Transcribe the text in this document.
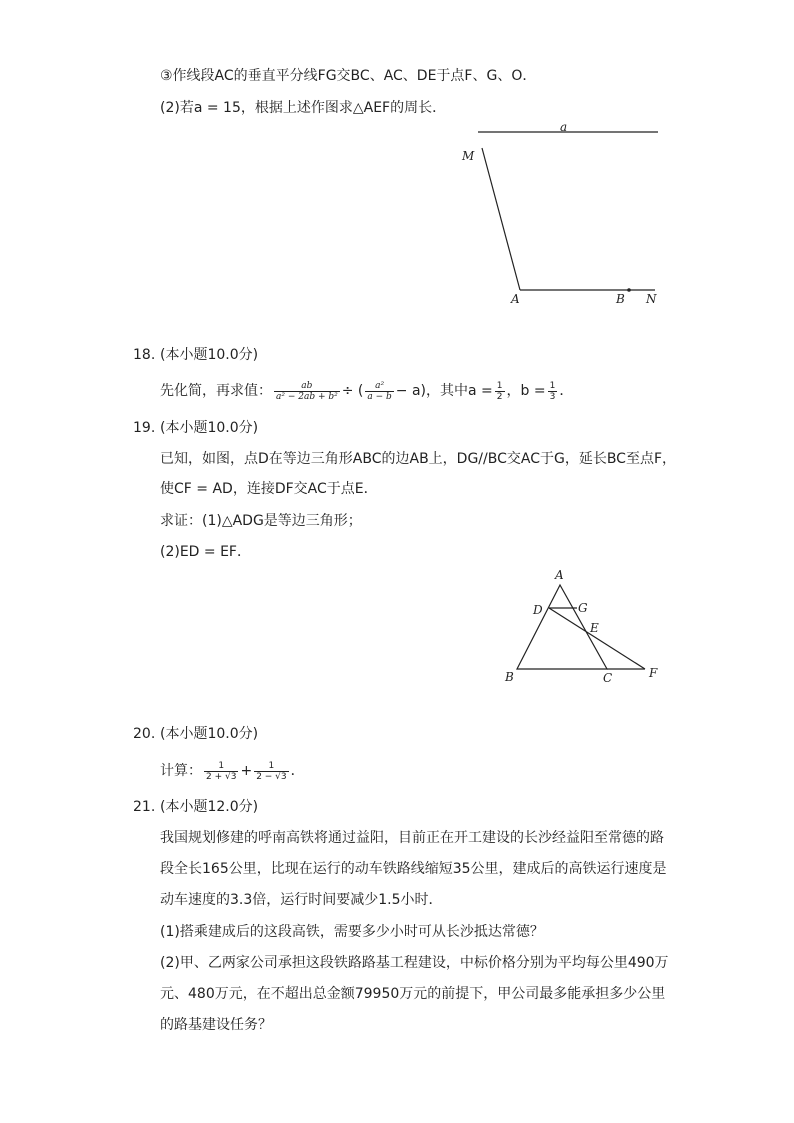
③作线段AC的垂直平分线FG交BC、AC、DE于点F、G、O．
(2)若a = 15，根据上述作图求△AEF的周长．
a
M
A	B N
18. (本小题10.0分)
先化简，再求值： $\frac{ab}{\text{a² − 2ab + b²}}$ ÷ ( $\frac{\text{a²}}{a - b} - a$)，其中$a = \frac{1}{2}$ ，$b = \frac{1}{3}$ ．
19. (本小题10.0分)
已知，如图，点D在等边三角形ABC的边AB上，DG//BC交AC于G，延长BC至点F，
使CF = AD，连接DF交AC于点E．
求证：(1)△ADG是等边三角形；
(2)ED = EF．
A
D	G
E
B	C	F
20. (本小题10.0分)
计算： $\frac{1}{2 + √3} + \frac{1}{2 - √3}$ ．
21. (本小题12.0分)
我国规划修建的呼南高铁将通过益阳，目前正在开工建设的长沙经益阳至常德的路
段全长165公里，比现在运行的动车铁路线缩短35公里，建成后的高铁运行速度是
动车速度的3.3倍，运行时间要减少1.5小时．
(1)搭乘建成后的这段高铁，需要多少小时可从长沙抵达常德？
(2)甲、乙两家公司承担这段铁路路基工程建设，中标价格分别为平均每公里490万
元、480万元，在不超出总金额79950万元的前提下，甲公司最多能承担多少公里
的路基建设任务？
